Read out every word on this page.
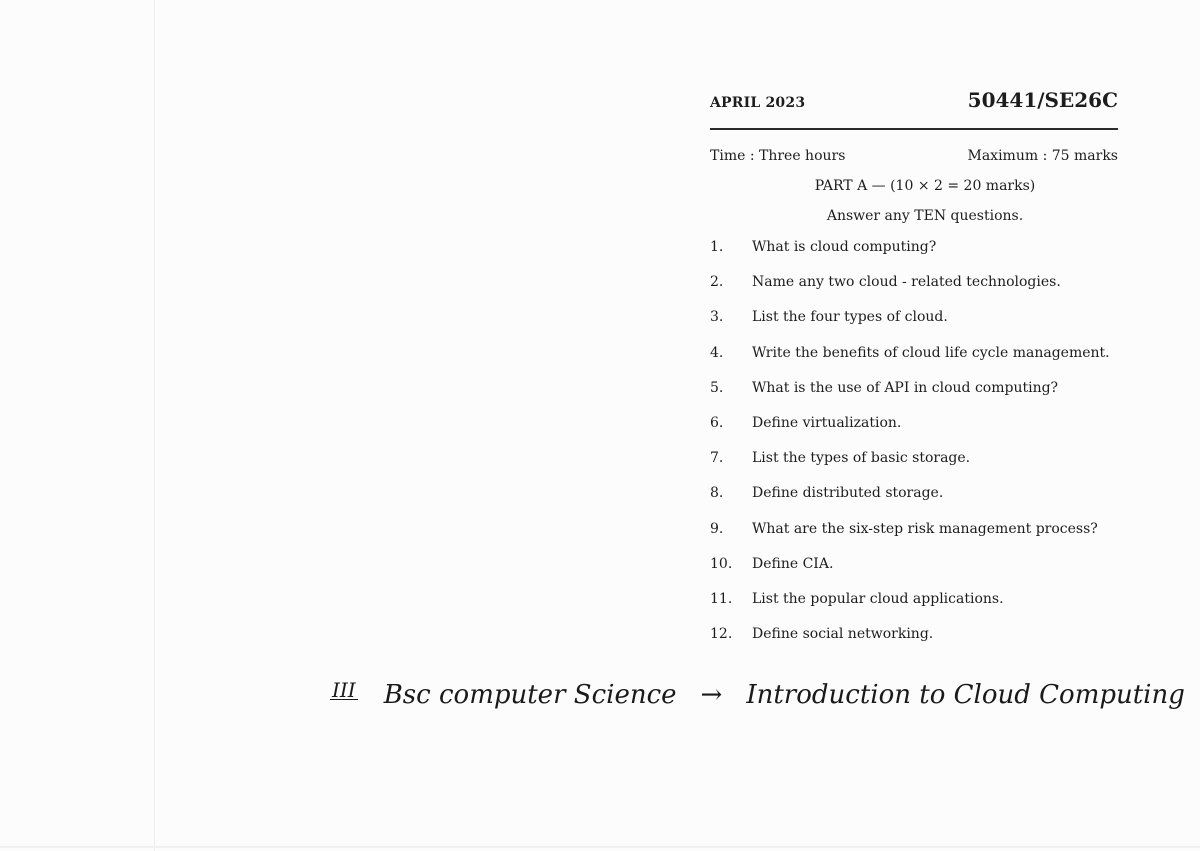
APRIL 2023	50441/SE26C
Time : Three hours	Maximum : 75 marks
PART A — (10 × 2 = 20 marks)
Answer any TEN questions.
1.	What is cloud computing?
2.	Name any two cloud - related technologies.
3.	List the four types of cloud.
4.	Write the benefits of cloud life cycle management.
5.	What is the use of API in cloud computing?
6.	Define virtualization.
7.	List the types of basic storage.
8.	Define distributed storage.
9.	What are the six-step risk management process?
10.	Define CIA.
11.	List the popular cloud applications.
12.	Define social networking.
III Bsc computer Science → Introduction to Cloud Computing
